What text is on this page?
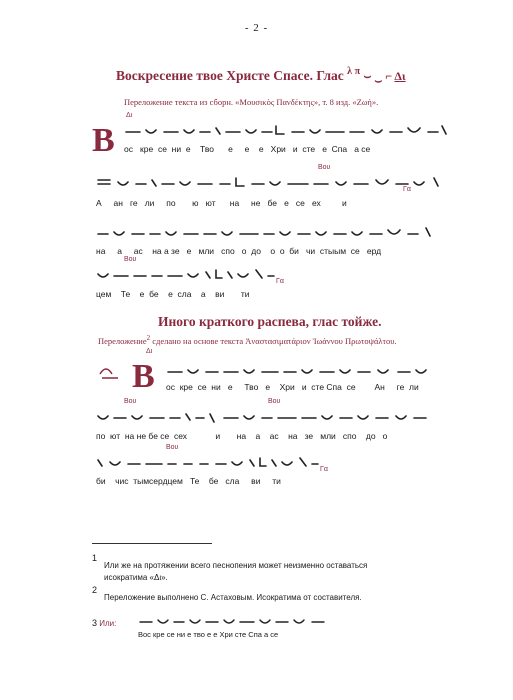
- 2 -
Воскресение твое Христе Спасе. Глас $^{\lambda \pi}$ ⌣ ‿ ⌐ Δι
Переложение текста из сборн. «Μουσικὸς Πανδέκτης», т. 8 изд. «Ζωή».
Δι
В ос   кре  се  ни  е    Тво      е     е    е   Хри   и  сте   е  Спа   а се
Βου
Γα
А     ан   ге   ли     по       ю   ют      на     не   бе   е   се   ех         и
на     а     ас    на а зе   е   мли   спо   о  до    о  о  би   чи  стыым  се   ерд
Βου
Γα
цем    Те    е  бе    е  сла    а    ви       ти
Иного краткого распева, глас тойже.
Переложение$^2$ сделано на основе текста Ἀναστασιματάριον Ἰωάννου Πρωτοψάλτου.
Δι
В ос  кре  се  ни   е     Тво   е    Хри   и  сте Спа  се        Ан     ге  ли
Βου	Βου
по  ют  на не бе се  сех            и       на    а    ас    на   зе   мли   спо    до   о
Βου
Γα
би    чис  тымсердцем   Те    бе   сла     ви     ти
1
Или же на протяжении всего песнопения может неизменно оставаться
исократима «Δι».
2
Переложение выполнено С. Астаховым. Исократима от составителя.
3 Или:
Вос кре се ни е тво е е Хри сте Спа а се
